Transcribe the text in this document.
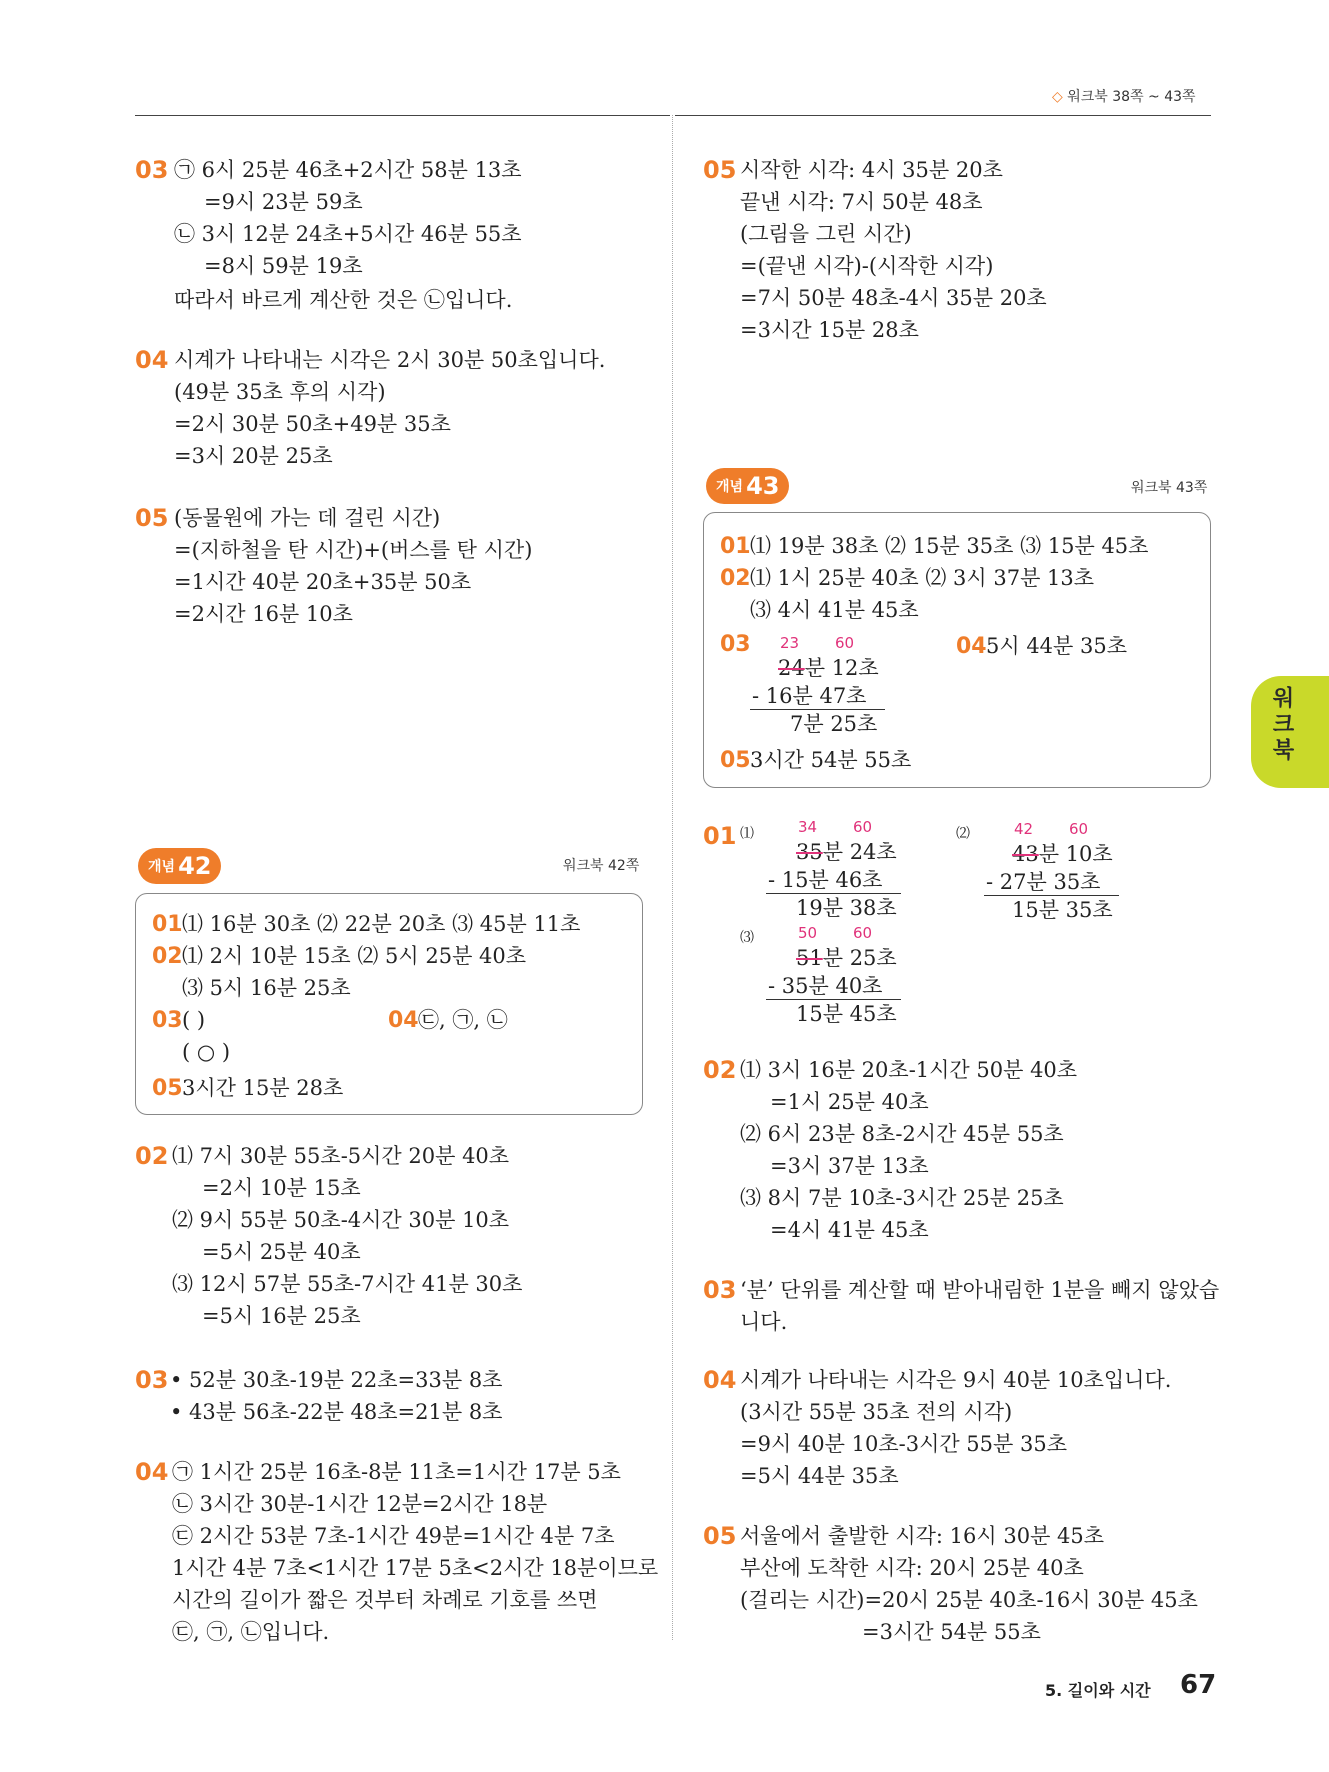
◇ 워크북 38쪽 ~ 43쪽
03 ㉠ 6시 25분 46초+2시간 58분 13초
=9시 23분 59초
㉡ 3시 12분 24초+5시간 46분 55초
=8시 59분 19초
따라서 바르게 계산한 것은 ㉡입니다.
04 시계가 나타내는 시각은 2시 30분 50초입니다.
(49분 35초 후의 시각)
=2시 30분 50초+49분 35초
=3시 20분 25초
05 (동물원에 가는 데 걸린 시간)
=(지하철을 탄 시간)+(버스를 탄 시간)
=1시간 40분 20초+35분 50초
=2시간 16분 10초
개념 42	워크북 42쪽
01 ⑴ 16분 30초 ⑵ 22분 20초 ⑶ 45분 11초
02 ⑴ 2시 10분 15초 ⑵ 5시 25분 40초
⑶ 5시 16분 25초
03 ( )
( ○ )
04 ㉢, ㉠, ㉡
05 3시간 15분 28초
02 ⑴ 7시 30분 55초-5시간 20분 40초
=2시 10분 15초
⑵ 9시 55분 50초-4시간 30분 10초
=5시 25분 40초
⑶ 12시 57분 55초-7시간 41분 30초
=5시 16분 25초
03 • 52분 30초-19분 22초=33분 8초
• 43분 56초-22분 48초=21분 8초
04 ㉠ 1시간 25분 16초-8분 11초=1시간 17분 5초
㉡ 3시간 30분-1시간 12분=2시간 18분
㉢ 2시간 53분 7초-1시간 49분=1시간 4분 7초
1시간 4분 7초<1시간 17분 5초<2시간 18분이므로
시간의 길이가 짧은 것부터 차례로 기호를 쓰면
㉢, ㉠, ㉡입니다.
05 시작한 시각: 4시 35분 20초
끝낸 시각: 7시 50분 48초
(그림을 그린 시간)
=(끝낸 시각)-(시작한 시각)
=7시 50분 48초-4시 35분 20초
=3시간 15분 28초
개념 43	워크북 43쪽
01 ⑴ 19분 38초 ⑵ 15분 35초 ⑶ 15분 45초
02 ⑴ 1시 25분 40초 ⑵ 3시 37분 13초
⑶ 4시 41분 45초
03 23 60
24분 12초
- 16분 47초
7분 25초
04 5시 44분 35초
05 3시간 54분 55초
01 ⑴	34 60
35분 24초
- 15분 46초
19분 38초
⑵	42 60
43분 10초
- 27분 35초
15분 35초
⑶	50 60
51분 25초
- 35분 40초
15분 45초
02 ⑴ 3시 16분 20초-1시간 50분 40초
=1시 25분 40초
⑵ 6시 23분 8초-2시간 45분 55초
=3시 37분 13초
⑶ 8시 7분 10초-3시간 25분 25초
=4시 41분 45초
03 ‘분’ 단위를 계산할 때 받아내림한 1분을 빼지 않았습
니다.
04 시계가 나타내는 시각은 9시 40분 10초입니다.
(3시간 55분 35초 전의 시각)
=9시 40분 10초-3시간 55분 35초
=5시 44분 35초
05 서울에서 출발한 시각: 16시 30분 45초
부산에 도착한 시각: 20시 25분 40초
(걸리는 시간)=20시 25분 40초-16시 30분 45초
=3시간 54분 55초
워크북
5. 길이와 시간 67
